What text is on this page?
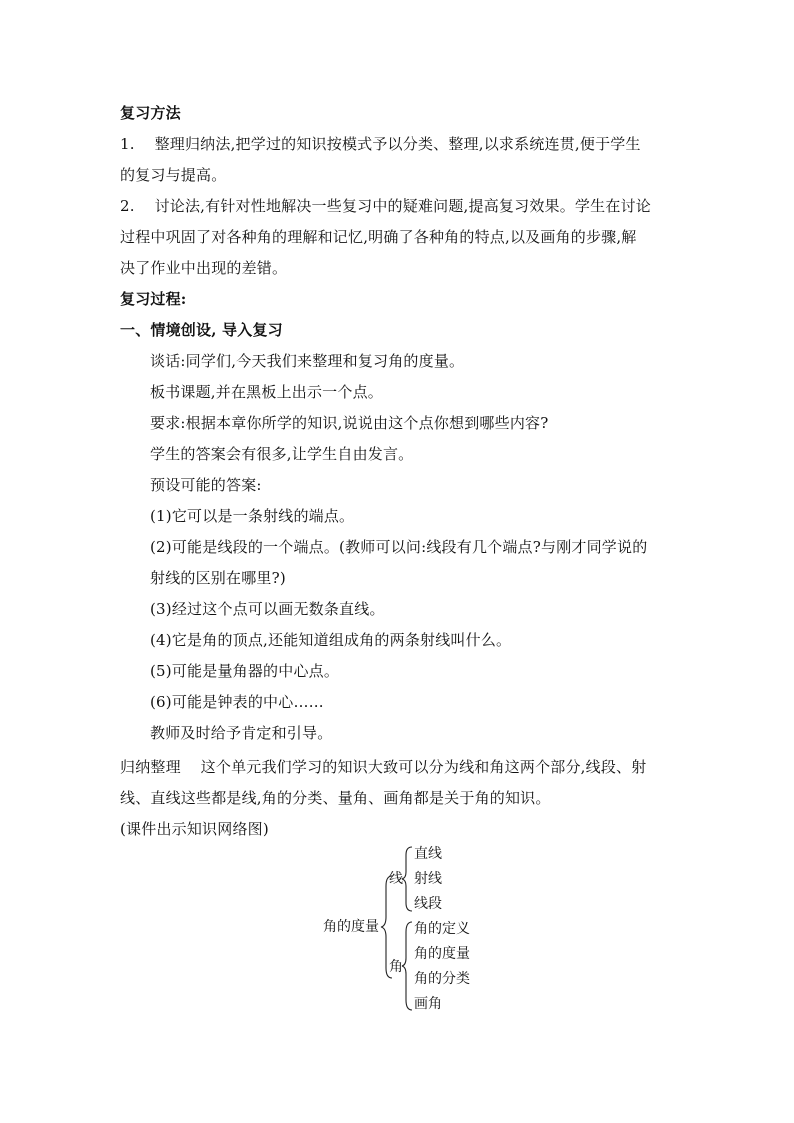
复习方法
1.    整理归纳法,把学过的知识按模式予以分类、整理,以求系统连贯,便于学生
的复习与提高。
2.    讨论法,有针对性地解决一些复习中的疑难问题,提高复习效果。学生在讨论
过程中巩固了对各种角的理解和记忆,明确了各种角的特点,以及画角的步骤,解
决了作业中出现的差错。
复习过程:
一、情境创设, 导入复习
谈话:同学们,今天我们来整理和复习角的度量。
板书课题,并在黑板上出示一个点。
要求:根据本章你所学的知识,说说由这个点你想到哪些内容?
学生的答案会有很多,让学生自由发言。
预设可能的答案:
(1)它可以是一条射线的端点。
(2)可能是线段的一个端点。(教师可以问:线段有几个端点?与刚才同学说的
射线的区别在哪里?)
(3)经过这个点可以画无数条直线。
(4)它是角的顶点,还能知道组成角的两条射线叫什么。
(5)可能是量角器的中心点。
(6)可能是钟表的中心……
教师及时给予肯定和引导。
归纳整理    这个单元我们学习的知识大致可以分为线和角这两个部分,线段、射
线、直线这些都是线,角的分类、量角、画角都是关于角的知识。
(课件出示知识网络图)
角的度量
线
直线
射线
线段
角
角的定义
角的度量
角的分类
画角
